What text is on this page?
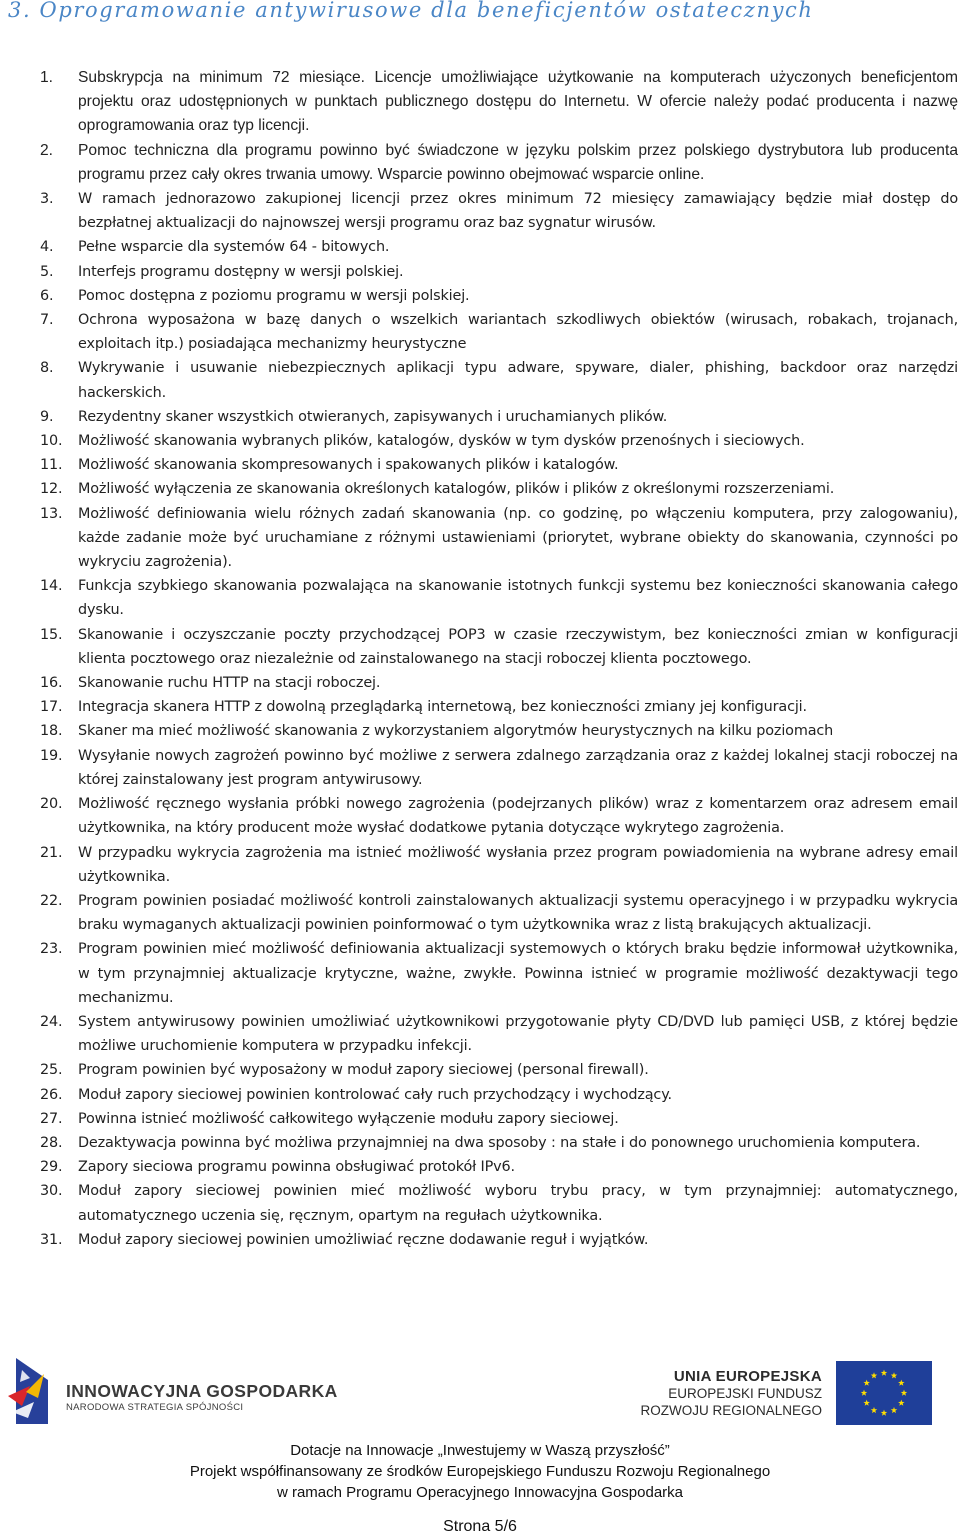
3. Oprogramowanie antywirusowe dla beneficjentów ostatecznych
1. Subskrypcja na minimum 72 miesiące. Licencje umożliwiające użytkowanie na komputerach użyczonych beneficjentom projektu oraz udostępnionych w punktach publicznego dostępu do Internetu. W ofercie należy podać producenta i nazwę oprogramowania oraz typ licencji.
2. Pomoc techniczna dla programu powinno być świadczone w języku polskim przez polskiego dystrybutora lub producenta programu przez cały okres trwania umowy. Wsparcie powinno obejmować wsparcie online.
3. W ramach jednorazowo zakupionej licencji przez okres minimum 72 miesięcy zamawiający będzie miał dostęp do bezpłatnej aktualizacji do najnowszej wersji programu oraz baz sygnatur wirusów.
4. Pełne wsparcie dla systemów 64 - bitowych.
5. Interfejs programu dostępny w wersji polskiej.
6. Pomoc dostępna z poziomu programu w wersji polskiej.
7. Ochrona wyposażona w bazę danych o wszelkich wariantach szkodliwych obiektów (wirusach, robakach, trojanach, exploitach itp.) posiadająca mechanizmy heurystyczne
8. Wykrywanie i usuwanie niebezpiecznych aplikacji typu adware, spyware, dialer, phishing, backdoor oraz narzędzi hackerskich.
9. Rezydentny skaner wszystkich otwieranych, zapisywanych i uruchamianych plików.
10. Możliwość skanowania wybranych plików, katalogów, dysków w tym dysków przenośnych i sieciowych.
11. Możliwość skanowania skompresowanych i spakowanych plików i katalogów.
12. Możliwość wyłączenia ze skanowania określonych katalogów, plików i plików z określonymi rozszerzeniami.
13. Możliwość definiowania wielu różnych zadań skanowania (np. co godzinę, po włączeniu komputera, przy zalogowaniu), każde zadanie może być uruchamiane z różnymi ustawieniami (priorytet, wybrane obiekty do skanowania, czynności po wykryciu zagrożenia).
14. Funkcja szybkiego skanowania pozwalająca na skanowanie istotnych funkcji systemu bez konieczności skanowania całego dysku.
15. Skanowanie i oczyszczanie poczty przychodzącej POP3 w czasie rzeczywistym, bez konieczności zmian w konfiguracji klienta pocztowego oraz niezależnie od zainstalowanego na stacji roboczej klienta pocztowego.
16. Skanowanie ruchu HTTP na stacji roboczej.
17. Integracja skanera HTTP z dowolną przeglądarką internetową, bez konieczności zmiany jej konfiguracji.
18. Skaner ma mieć możliwość skanowania z wykorzystaniem algorytmów heurystycznych na kilku poziomach
19. Wysyłanie nowych zagrożeń powinno być możliwe z serwera zdalnego zarządzania oraz z każdej lokalnej stacji roboczej na której zainstalowany jest program antywirusowy.
20. Możliwość ręcznego wysłania próbki nowego zagrożenia (podejrzanych plików) wraz z komentarzem oraz adresem email użytkownika, na który producent może wysłać dodatkowe pytania dotyczące wykrytego zagrożenia.
21. W przypadku wykrycia zagrożenia ma istnieć możliwość wysłania przez program powiadomienia na wybrane adresy email użytkownika.
22. Program powinien posiadać możliwość kontroli zainstalowanych aktualizacji systemu operacyjnego i w przypadku wykrycia braku wymaganych aktualizacji powinien poinformować o tym użytkownika wraz z listą brakujących aktualizacji.
23. Program powinien mieć możliwość definiowania aktualizacji systemowych o których braku będzie informował użytkownika, w tym przynajmniej aktualizacje krytyczne, ważne, zwykłe. Powinna istnieć w programie możliwość dezaktywacji tego mechanizmu.
24. System antywirusowy powinien umożliwiać użytkownikowi przygotowanie płyty CD/DVD lub pamięci USB, z której będzie możliwe uruchomienie komputera w przypadku infekcji.
25. Program powinien być wyposażony w moduł zapory sieciowej (personal firewall).
26. Moduł zapory sieciowej powinien kontrolować cały ruch przychodzący i wychodzący.
27. Powinna istnieć możliwość całkowitego wyłączenie modułu zapory sieciowej.
28. Dezaktywacja powinna być możliwa przynajmniej na dwa sposoby : na stałe i do ponownego uruchomienia komputera.
29. Zapory sieciowa programu powinna obsługiwać protokół IPv6.
30. Moduł zapory sieciowej powinien mieć możliwość wyboru trybu pracy, w tym przynajmniej: automatycznego, automatycznego uczenia się, ręcznym, opartym na regułach użytkownika.
31. Moduł zapory sieciowej powinien umożliwiać ręczne dodawanie reguł i wyjątków.
INNOWACYJNA GOSPODARKA
NARODOWA STRATEGIA SPÓJNOŚCI
UNIA EUROPEJSKA
EUROPEJSKI FUNDUSZ
ROZWOJU REGIONALNEGO
Dotacje na Innowacje „Inwestujemy w Waszą przyszłość”
Projekt współfinansowany ze środków Europejskiego Funduszu Rozwoju Regionalnego
w ramach Programu Operacyjnego Innowacyjna Gospodarka
Strona 5/6
